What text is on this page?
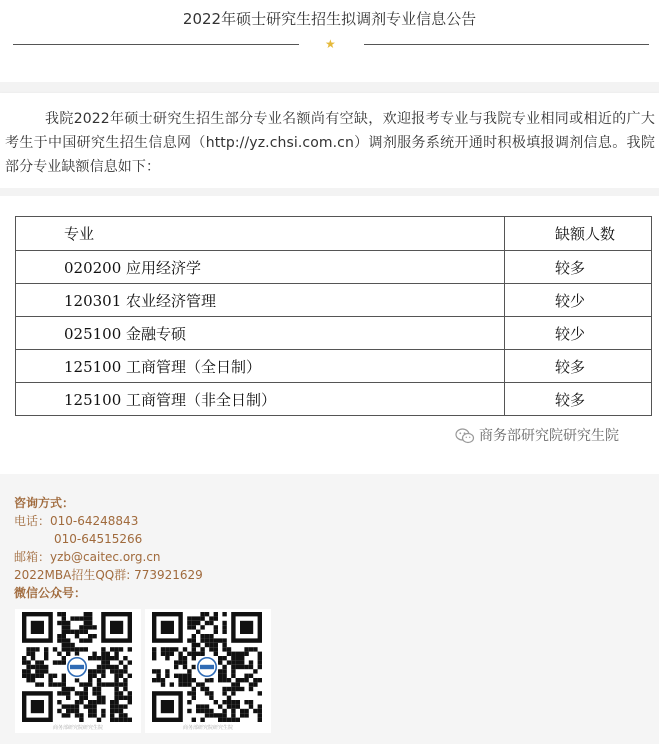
2022年硕士研究生招生拟调剂专业信息公告
★

我院2022年硕士研究生招生部分专业名额尚有空缺，欢迎报考专业与我院专业相同或相近的广大考生于中国研究生招生信息网（http://yz.chsi.com.cn）调剂服务系统开通时积极填报调剂信息。我院部分专业缺额信息如下：

专业	缺额人数
020200 应用经济学	较多
120301 农业经济管理	较少
025100 金融专硕	较少
125100 工商管理（全日制）	较多
125100 工商管理（非全日制）	较多
商务部研究院研究生院
咨询方式：
电话：010-64248843
010-64515266
邮箱：yzb@caitec.org.cn
2022MBA招生QQ群: 773921629
微信公众号：
商务部研究院研究生院	商务部研究院研究生院
